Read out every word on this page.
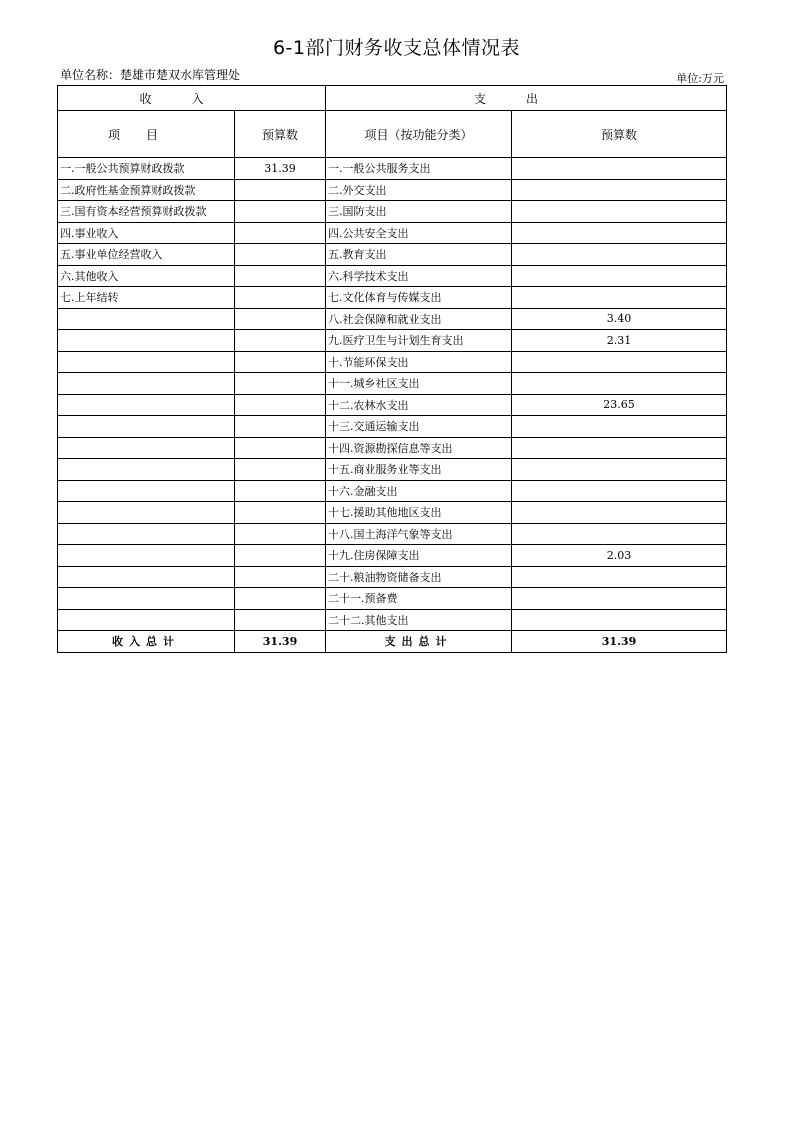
6-1部门财务收支总体情况表
单位名称：楚雄市楚双水库管理处	单位:万元
收入		支出	
项目	预算数	项目（按功能分类）	预算数
一.一般公共预算财政拨款	31.39	一.一般公共服务支出	
二.政府性基金预算财政拨款		二.外交支出	
三.国有资本经营预算财政拨款		三.国防支出	
四.事业收入		四.公共安全支出	
五.事业单位经营收入		五.教育支出	
六.其他收入		六.科学技术支出	
七.上年结转		七.文化体育与传媒支出	
		八.社会保障和就业支出	3.40
		九.医疗卫生与计划生育支出	2.31
		十.节能环保支出	
		十一.城乡社区支出	
		十二.农林水支出	23.65
		十三.交通运输支出	
		十四.资源勘探信息等支出	
		十五.商业服务业等支出	
		十六.金融支出	
		十七.援助其他地区支出	
		十八.国土海洋气象等支出	
		十九.住房保障支出	2.03
		二十.粮油物资储备支出	
		二十一.预备费	
		二十二.其他支出	
收入总计	31.39	支出总计	31.39
